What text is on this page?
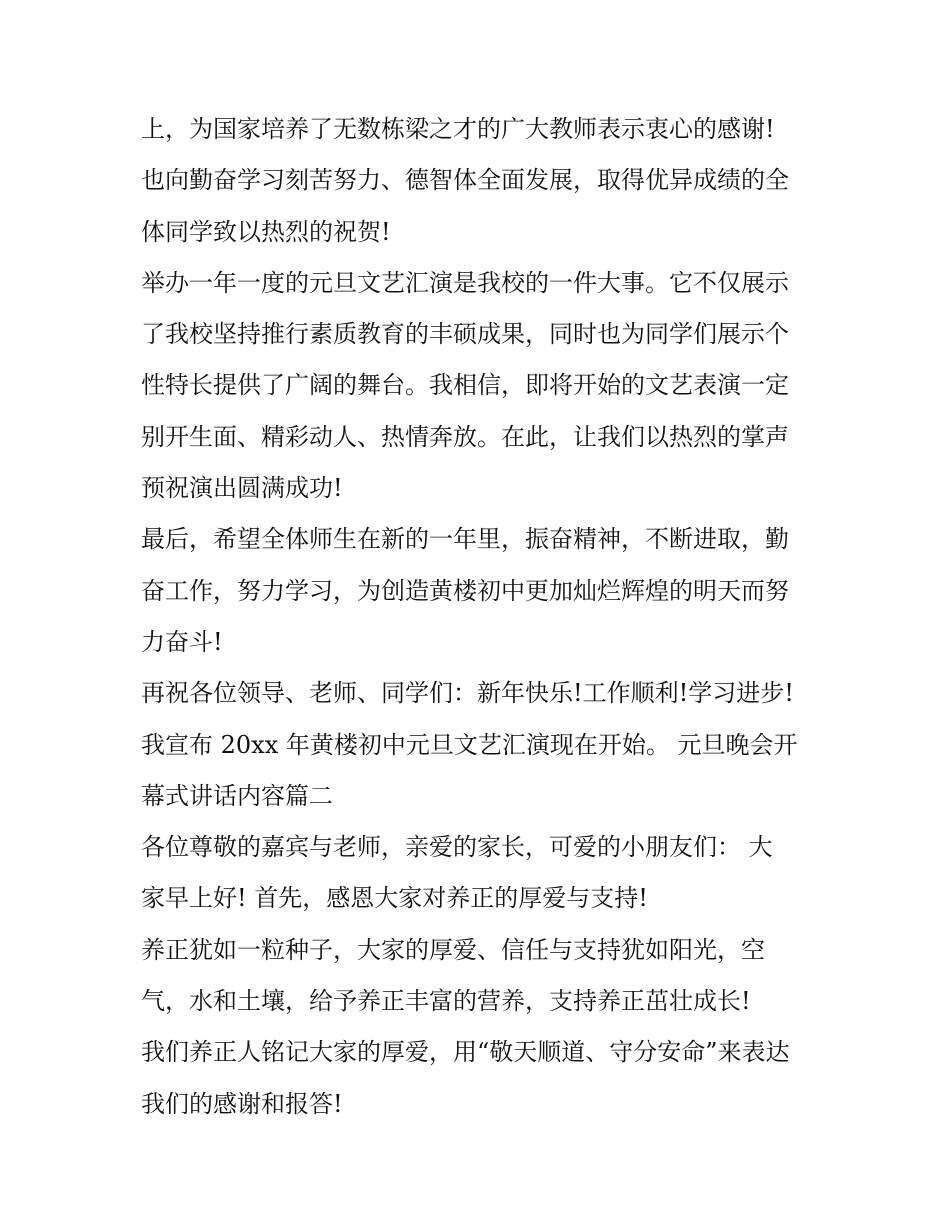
上，为国家培养了无数栋梁之才的广大教师表示衷心的感谢!
也向勤奋学习刻苦努力、德智体全面发展，取得优异成绩的全
体同学致以热烈的祝贺!
举办一年一度的元旦文艺汇演是我校的一件大事。它不仅展示
了我校坚持推行素质教育的丰硕成果，同时也为同学们展示个
性特长提供了广阔的舞台。我相信，即将开始的文艺表演一定
别开生面、精彩动人、热情奔放。在此，让我们以热烈的掌声
预祝演出圆满成功!
最后，希望全体师生在新的一年里，振奋精神，不断进取，勤
奋工作，努力学习，为创造黄楼初中更加灿烂辉煌的明天而努
力奋斗!
再祝各位领导、老师、同学们：新年快乐!工作顺利!学习进步!
我宣布 20xx 年黄楼初中元旦文艺汇演现在开始。 元旦晚会开
幕式讲话内容篇二
各位尊敬的嘉宾与老师，亲爱的家长，可爱的小朋友们： 大
家早上好! 首先，感恩大家对养正的厚爱与支持!
养正犹如一粒种子，大家的厚爱、信任与支持犹如阳光，空
气，水和土壤，给予养正丰富的营养，支持养正茁壮成长!
我们养正人铭记大家的厚爱，用“敬天顺道、守分安命”来表达
我们的感谢和报答!
